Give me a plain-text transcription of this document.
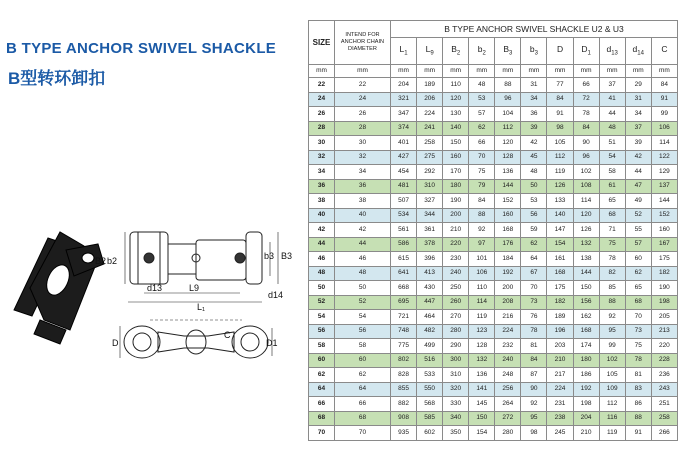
B TYPE ANCHOR SWIVEL SHACKLE
B型转环卸扣
b2
B2	b3 B3
d13	L9
L₁
d14
D
C
D1
SIZE	INTEND FOR ANCHOR CHAIN DIAMETER	B TYPE ANCHOR SWIVEL SHACKLE U2 & U3										
		$L_1$	$L_9$	$B_2$	$b_2$	$B_3$	$b_3$	D	$D_1$	$d_{13}$	$d_{14}$	C
mm	mm	mm	mm	mm	mm	mm	mm	mm	mm	mm	mm	mm
22	22	204	189	110	48	88	31	77	66	37	29	84
24	24	321	206	120	53	96	34	84	72	41	31	91
26	26	347	224	130	57	104	36	91	78	44	34	99
28	28	374	241	140	62	112	39	98	84	48	37	106
30	30	401	258	150	66	120	42	105	90	51	39	114
32	32	427	275	160	70	128	45	112	96	54	42	122
34	34	454	292	170	75	136	48	119	102	58	44	129
36	36	481	310	180	79	144	50	126	108	61	47	137
38	38	507	327	190	84	152	53	133	114	65	49	144
40	40	534	344	200	88	160	56	140	120	68	52	152
42	42	561	361	210	92	168	59	147	126	71	55	160
44	44	586	378	220	97	176	62	154	132	75	57	167
46	46	615	396	230	101	184	64	161	138	78	60	175
48	48	641	413	240	106	192	67	168	144	82	62	182
50	50	668	430	250	110	200	70	175	150	85	65	190
52	52	695	447	260	114	208	73	182	156	88	68	198
54	54	721	464	270	119	216	76	189	162	92	70	205
56	56	748	482	280	123	224	78	196	168	95	73	213
58	58	775	499	290	128	232	81	203	174	99	75	220
60	60	802	516	300	132	240	84	210	180	102	78	228
62	62	828	533	310	136	248	87	217	186	105	81	236
64	64	855	550	320	141	256	90	224	192	109	83	243
66	66	882	568	330	145	264	92	231	198	112	86	251
68	68	908	585	340	150	272	95	238	204	116	88	258
70	70	935	602	350	154	280	98	245	210	119	91	266
